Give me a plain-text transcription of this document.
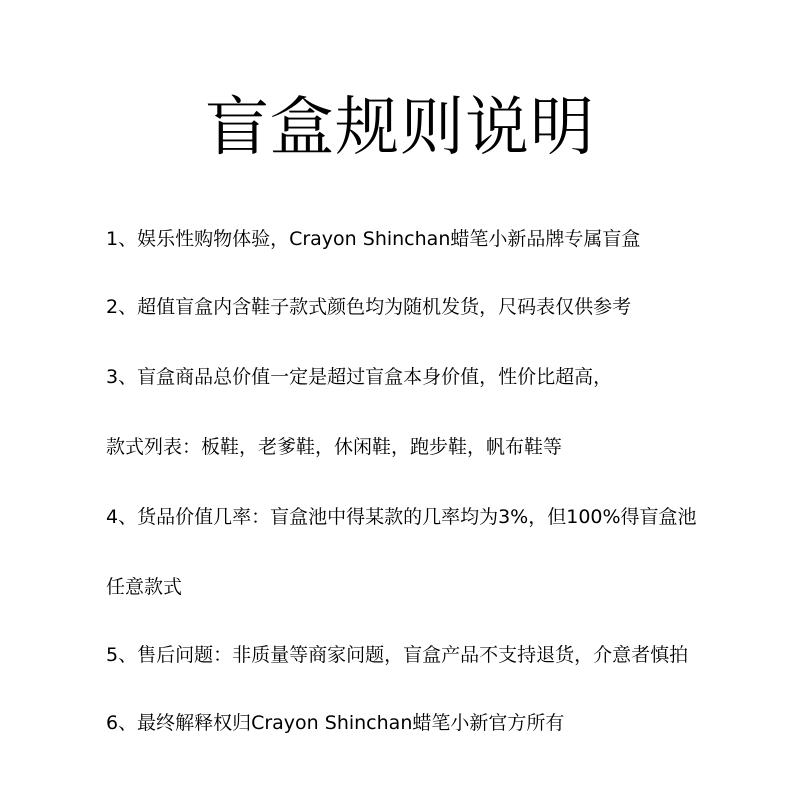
盲盒规则说明
1、娱乐性购物体验，Crayon Shinchan蜡笔小新品牌专属盲盒
2、超值盲盒内含鞋子款式颜色均为随机发货，尺码表仅供参考
3、盲盒商品总价值一定是超过盲盒本身价值，性价比超高，
款式列表：板鞋，老爹鞋，休闲鞋，跑步鞋，帆布鞋等
4、货品价值几率：盲盒池中得某款的几率均为3%，但100%得盲盒池
任意款式
5、售后问题：非质量等商家问题，盲盒产品不支持退货，介意者慎拍
6、最终解释权归Crayon Shinchan蜡笔小新官方所有
